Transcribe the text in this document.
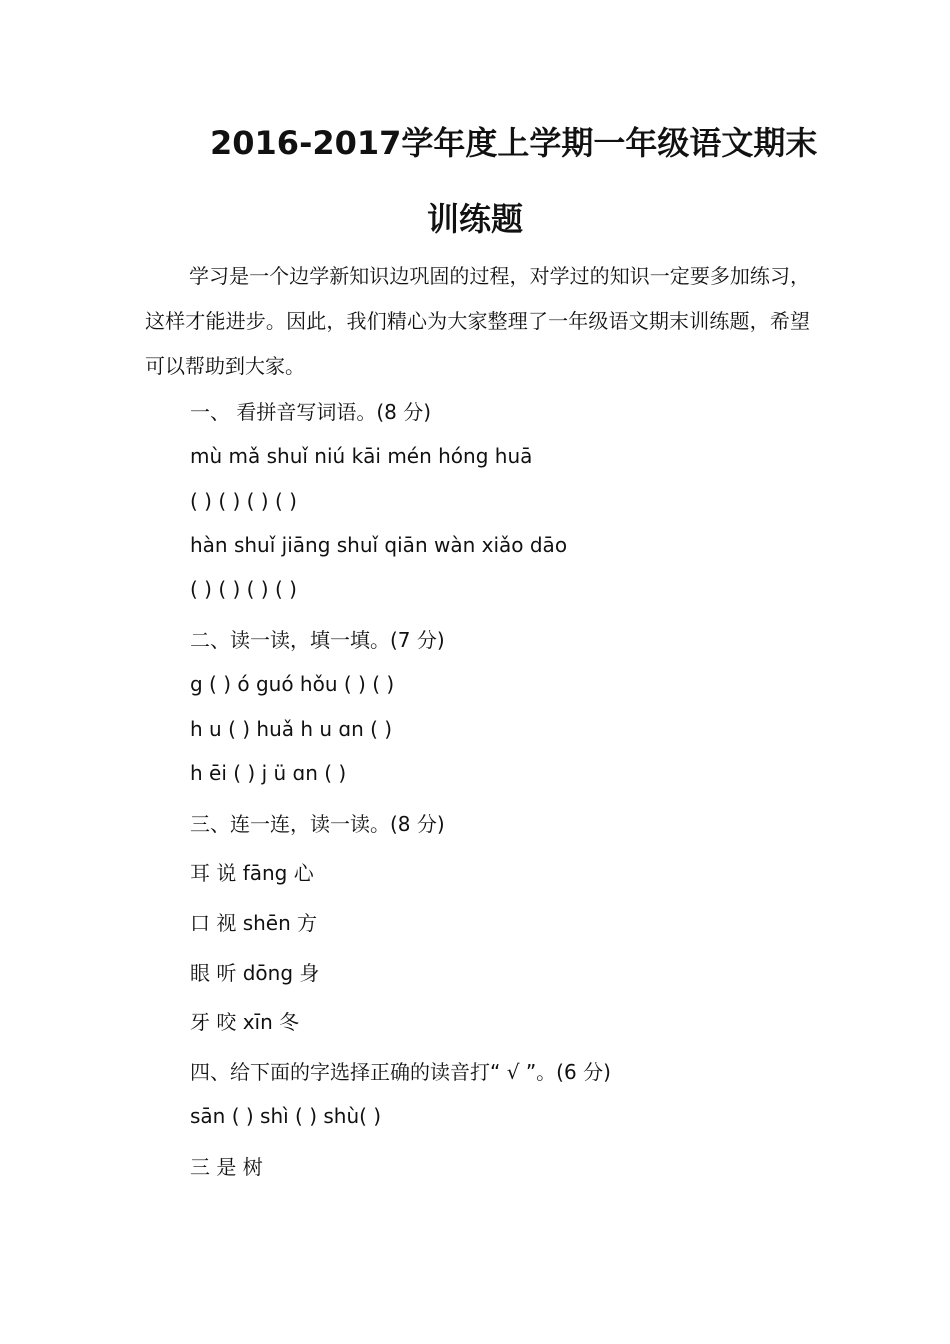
2016-2017学年度上学期一年级语文期末
训练题
学习是一个边学新知识边巩固的过程，对学过的知识一定要多加练习，这样才能进步。因此，我们精心为大家整理了一年级语文期末训练题，希望可以帮助到大家。
一、 看拼音写词语。(8 分)
mù mǎ shuǐ niú kāi mén hóng huā
( ) ( ) ( ) ( )
hàn shuǐ jiāng shuǐ qiān wàn xiǎo dāo
( ) ( ) ( ) ( )
二、读一读，填一填。(7 分)
g ( ) ó guó hǒu ( ) ( )
h u ( ) huǎ h u ɑn ( )
h ēi ( ) j ü ɑn ( )
三、连一连，读一读。(8 分)
耳 说 fāng 心
口 视 shēn 方
眼 听 dōng 身
牙 咬 xīn 冬
四、给下面的字选择正确的读音打“ √ ”。(6 分)
sān ( ) shì ( ) shù( )
三 是 树
